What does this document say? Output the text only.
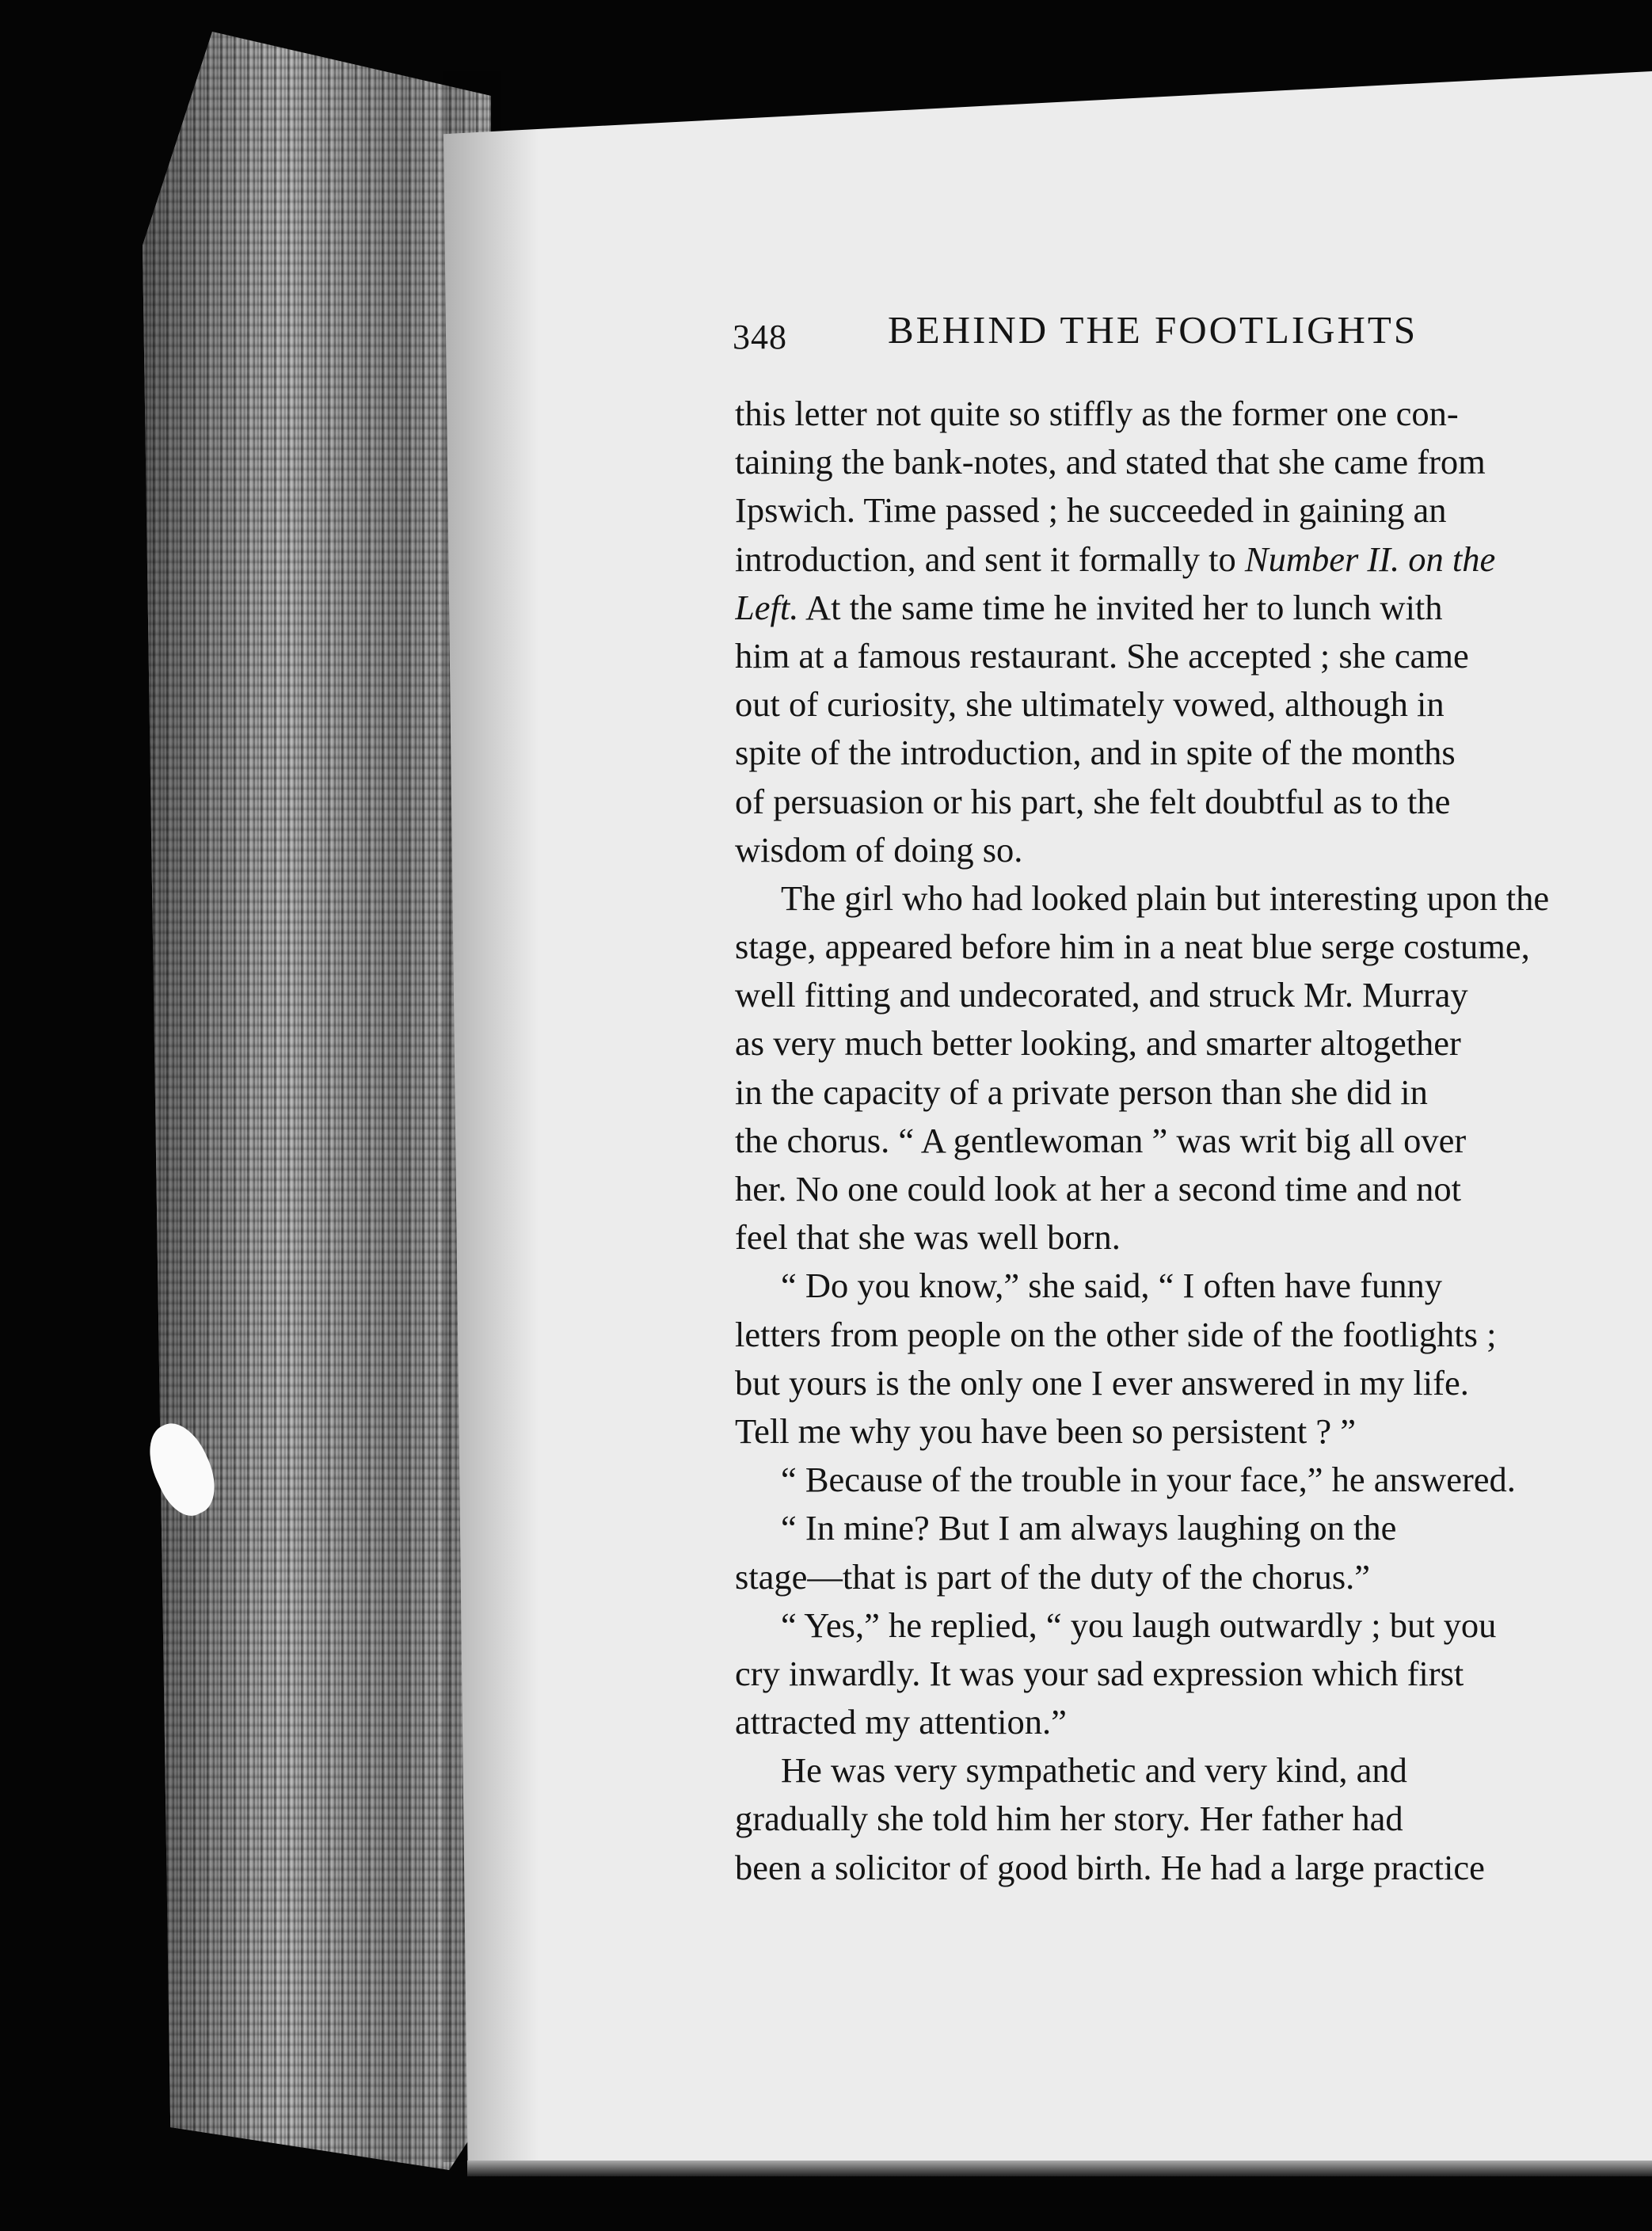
348	BEHIND THE FOOTLIGHTS
this letter not quite so stiffly as the former one con-
taining the bank-notes, and stated that she came from
Ipswich. Time passed ; he succeeded in gaining an
introduction, and sent it formally to Number II. on the
Left. At the same time he invited her to lunch with
him at a famous restaurant. She accepted ; she came
out of curiosity, she ultimately vowed, although in
spite of the introduction, and in spite of the months
of persuasion or his part, she felt doubtful as to the
wisdom of doing so.
The girl who had looked plain but interesting upon the
stage, appeared before him in a neat blue serge costume,
well fitting and undecorated, and struck Mr. Murray
as very much better looking, and smarter altogether
in the capacity of a private person than she did in
the chorus. “ A gentlewoman ” was writ big all over
her. No one could look at her a second time and not
feel that she was well born.
“ Do you know,” she said, “ I often have funny
letters from people on the other side of the footlights ;
but yours is the only one I ever answered in my life.
Tell me why you have been so persistent ? ”
“ Because of the trouble in your face,” he answered.
“ In mine? But I am always laughing on the
stage—that is part of the duty of the chorus.”
“ Yes,” he replied, “ you laugh outwardly ; but you
cry inwardly. It was your sad expression which first
attracted my attention.”
He was very sympathetic and very kind, and
gradually she told him her story. Her father had
been a solicitor of good birth. He had a large practice
